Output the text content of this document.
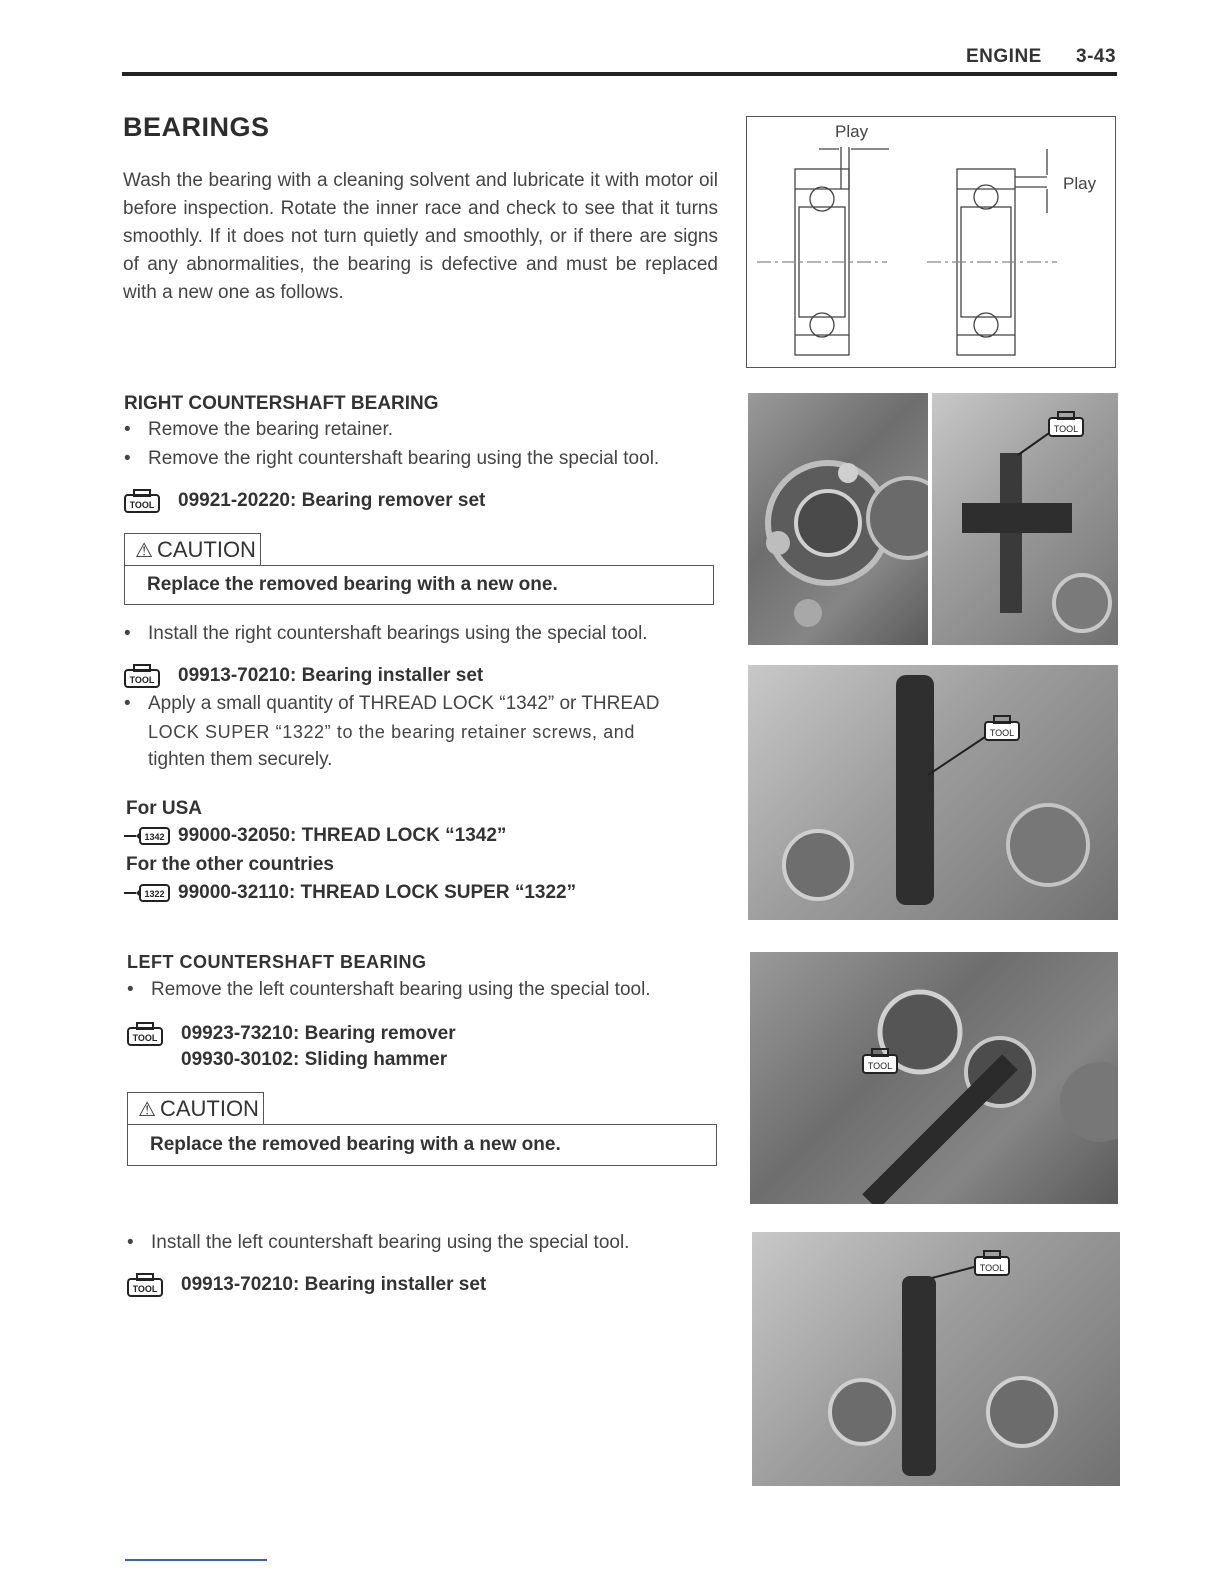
ENGINE 3-43
BEARINGS
Wash the bearing with a cleaning solvent and lubricate it with motor oil before inspection. Rotate the inner race and check to see that it turns smoothly. If it does not turn quietly and smoothly, or if there are signs of any abnormalities, the bearing is defective and must be replaced with a new one as follows.
Play
Play
RIGHT COUNTERSHAFT BEARING
• Remove the bearing retainer.
• Remove the right countershaft bearing using the special tool.
TOOL 09921-20220: Bearing remover set
⚠ CAUTION
Replace the removed bearing with a new one.
• Install the right countershaft bearings using the special tool.
TOOL 09913-70210: Bearing installer set
• Apply a small quantity of THREAD LOCK “1342” or THREAD
LOCK SUPER “1322” to the bearing retainer screws, and
tighten them securely.
For USA
1342 99000-32050: THREAD LOCK “1342”
For the other countries
1322 99000-32110: THREAD LOCK SUPER “1322”
LEFT COUNTERSHAFT BEARING
• Remove the left countershaft bearing using the special tool.
TOOL 09923-73210: Bearing remover
09930-30102: Sliding hammer
⚠ CAUTION
Replace the removed bearing with a new one.
• Install the left countershaft bearing using the special tool.
TOOL 09913-70210: Bearing installer set
TOOL
TOOL
TOOL
TOOL
